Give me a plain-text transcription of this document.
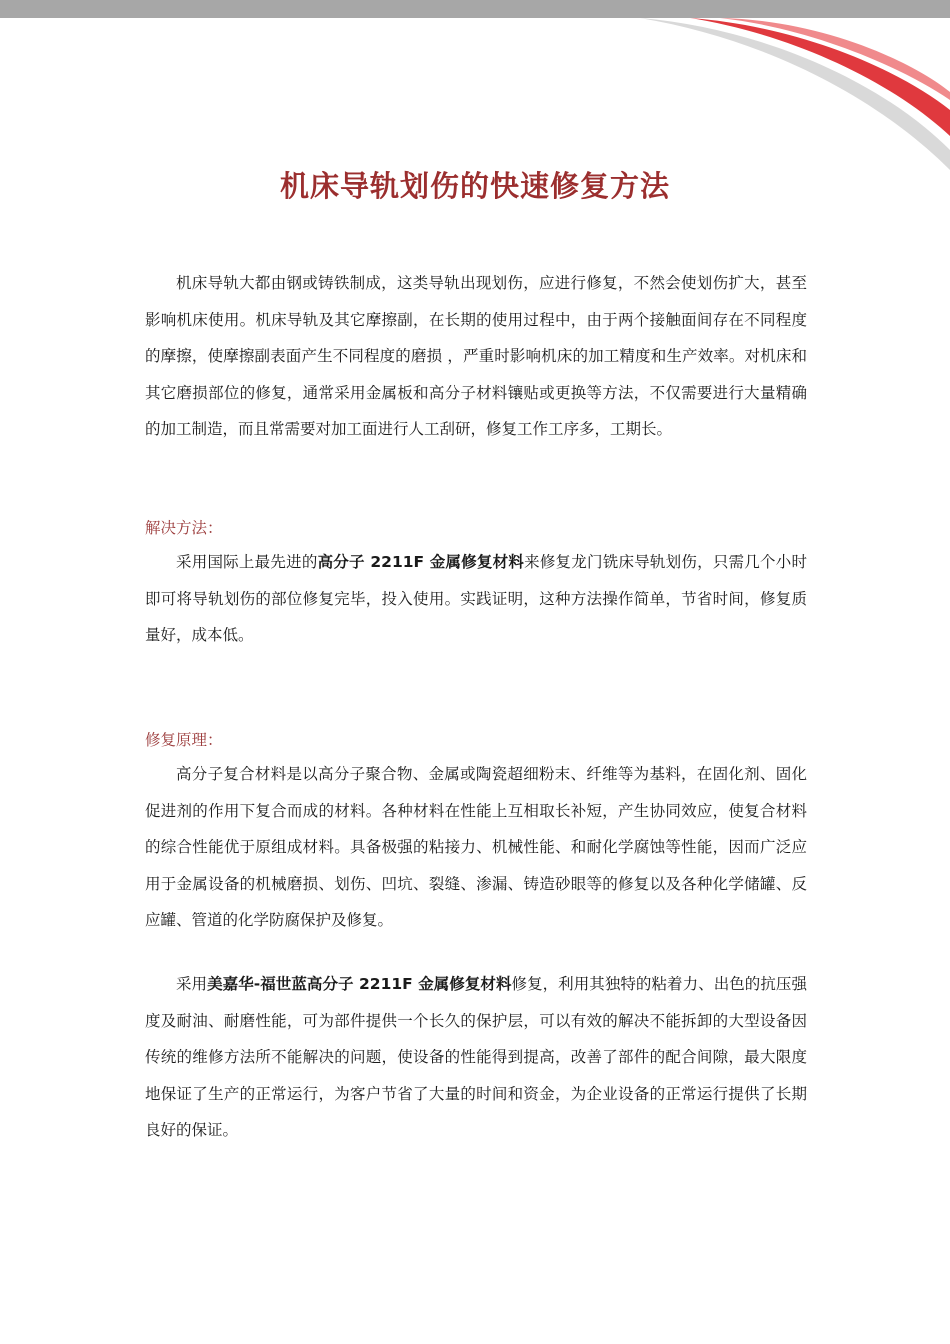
机床导轨划伤的快速修复方法

机床导轨大都由钢或铸铁制成，这类导轨出现划伤，应进行修复，不然会使划伤扩大，甚至影响机床使用。机床导轨及其它摩擦副，在长期的使用过程中，由于两个接触面间存在不同程度的摩擦，使摩擦副表面产生不同程度的磨损 ，严重时影响机床的加工精度和生产效率。对机床和其它磨损部位的修复，通常采用金属板和高分子材料镶贴或更换等方法，不仅需要进行大量精确的加工制造，而且常需要对加工面进行人工刮研，修复工作工序多，工期长。

解决方法：

采用国际上最先进的高分子 2211F 金属修复材料来修复龙门铣床导轨划伤，只需几个小时即可将导轨划伤的部位修复完毕，投入使用。实践证明，这种方法操作简单，节省时间，修复质量好，成本低。

修复原理：

高分子复合材料是以高分子聚合物、金属或陶瓷超细粉末、纤维等为基料，在固化剂、固化促进剂的作用下复合而成的材料。各种材料在性能上互相取长补短，产生协同效应，使复合材料的综合性能优于原组成材料。具备极强的粘接力、机械性能、和耐化学腐蚀等性能，因而广泛应用于金属设备的机械磨损、划伤、凹坑、裂缝、渗漏、铸造砂眼等的修复以及各种化学储罐、反应罐、管道的化学防腐保护及修复。

采用美嘉华-福世蓝高分子 2211F 金属修复材料修复，利用其独特的粘着力、出色的抗压强度及耐油、耐磨性能，可为部件提供一个长久的保护层，可以有效的解决不能拆卸的大型设备因传统的维修方法所不能解决的问题，使设备的性能得到提高，改善了部件的配合间隙，最大限度地保证了生产的正常运行，为客户节省了大量的时间和资金，为企业设备的正常运行提供了长期良好的保证。
